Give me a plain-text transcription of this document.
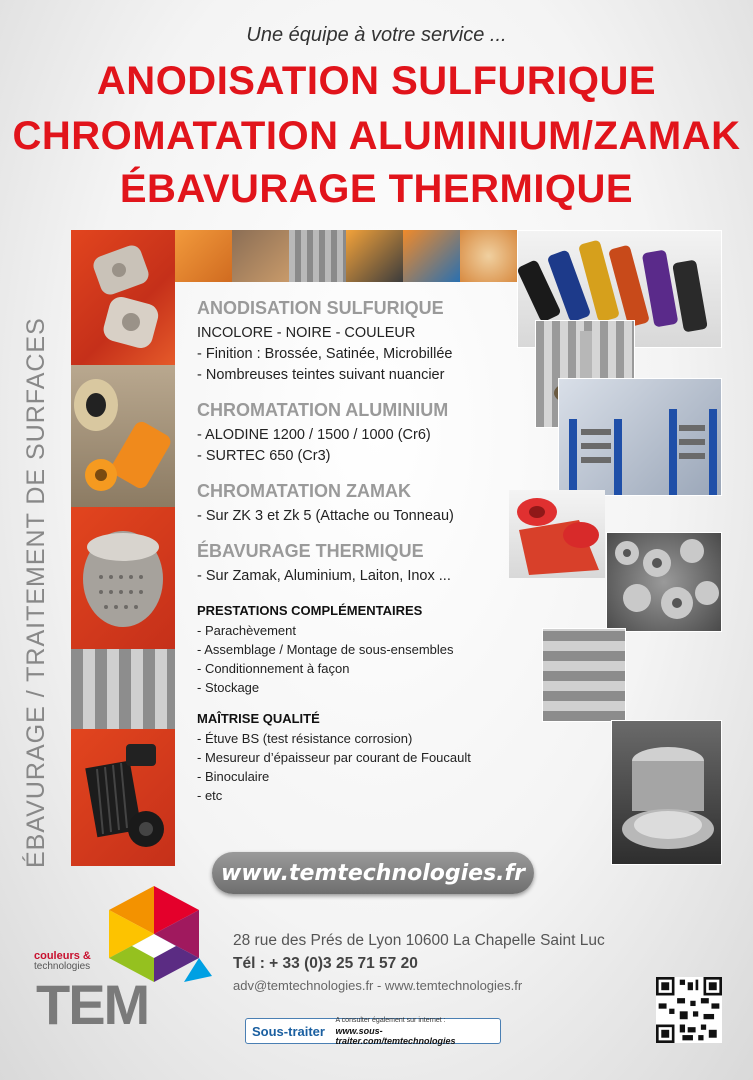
Une équipe à votre service ...
ANODISATION SULFURIQUE
CHROMATATION ALUMINIUM/ZAMAK
ÉBAVURAGE THERMIQUE
ÉBAVURAGE / TRAITEMENT DE SURFACES
ANODISATION SULFURIQUE
INCOLORE - NOIRE - COULEUR
- Finition : Brossée, Satinée, Microbillée
- Nombreuses teintes suivant nuancier
CHROMATATION ALUMINIUM
- ALODINE 1200 / 1500 / 1000 (Cr6)
- SURTEC 650 (Cr3)
CHROMATATION ZAMAK
- Sur ZK 3 et Zk 5 (Attache ou Tonneau)
ÉBAVURAGE THERMIQUE
- Sur Zamak, Aluminium, Laiton, Inox ...
PRESTATIONS COMPLÉMENTAIRES
- Parachèvement
- Assemblage / Montage de sous-ensembles
- Conditionnement à façon
- Stockage
MAÎTRISE QUALITÉ
- Étuve BS (test résistance corrosion)
- Mesureur d’épaisseur par courant de Foucault
- Binoculaire
- etc
www.temtechnologies.fr
couleurs &
technologies
TEM
28 rue des Prés de Lyon 10600 La Chapelle Saint Luc
Tél : + 33 (0)3 25 71 57 20
adv@temtechnologies.fr - www.temtechnologies.fr
Sous-traiter
A consulter également sur internet :
www.sous-traiter.com/temtechnologies
